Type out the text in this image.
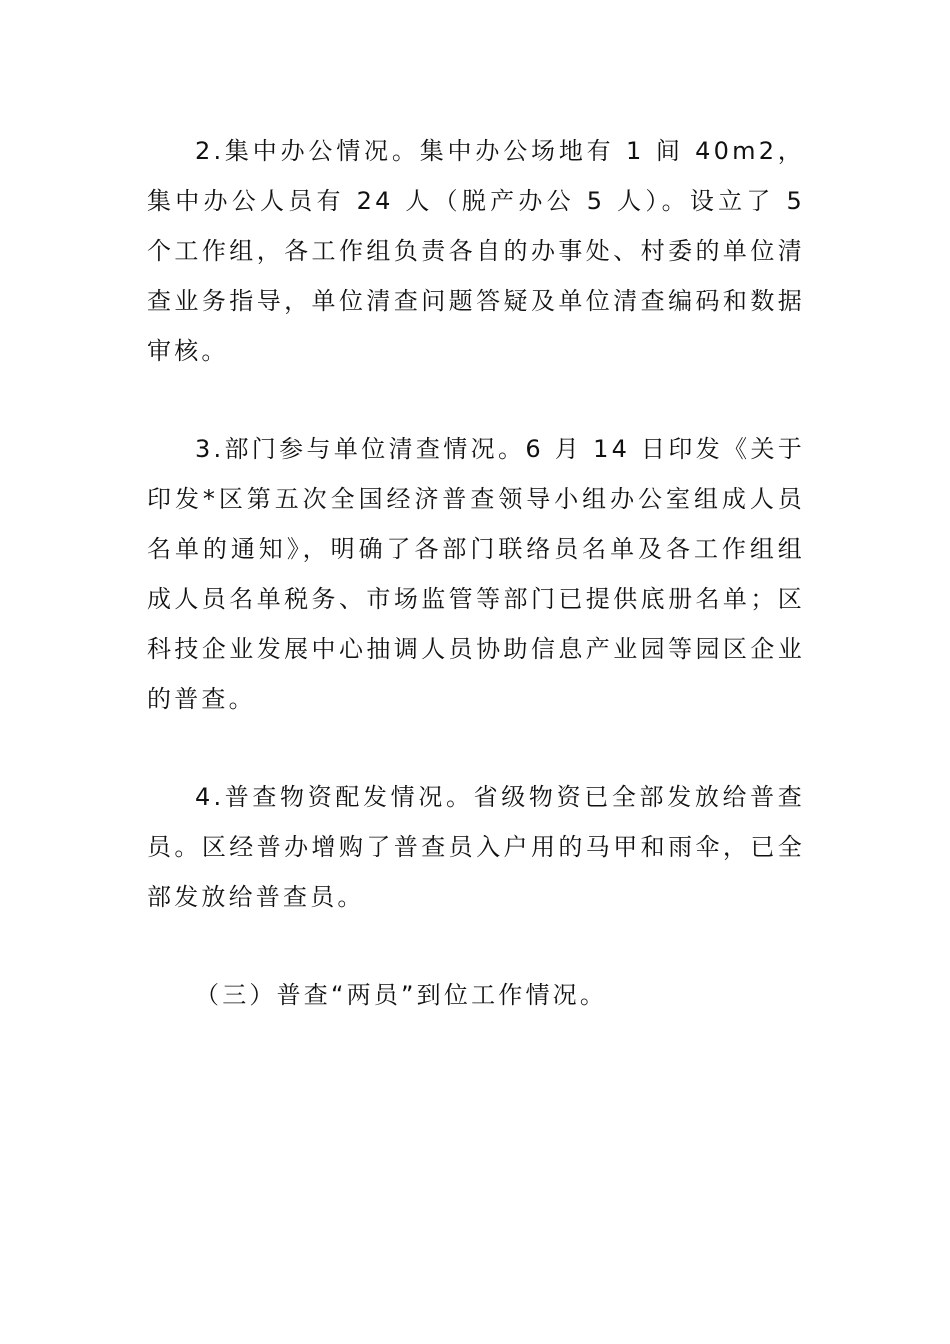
2.集中办公情况。集中办公场地有 1 间 40m2，集中办公人员有 24 人（脱产办公 5 人）。设立了 5 个工作组，各工作组负责各自的办事处、村委的单位清查业务指导，单位清查问题答疑及单位清查编码和数据审核。

3.部门参与单位清查情况。6 月 14 日印发《关于印发*区第五次全国经济普查领导小组办公室组成人员名单的通知》，明确了各部门联络员名单及各工作组组成人员名单税务、市场监管等部门已提供底册名单；区科技企业发展中心抽调人员协助信息产业园等园区企业的普查。

4.普查物资配发情况。省级物资已全部发放给普查员。区经普办增购了普查员入户用的马甲和雨伞，已全部发放给普查员。

（三）普查“两员”到位工作情况。
